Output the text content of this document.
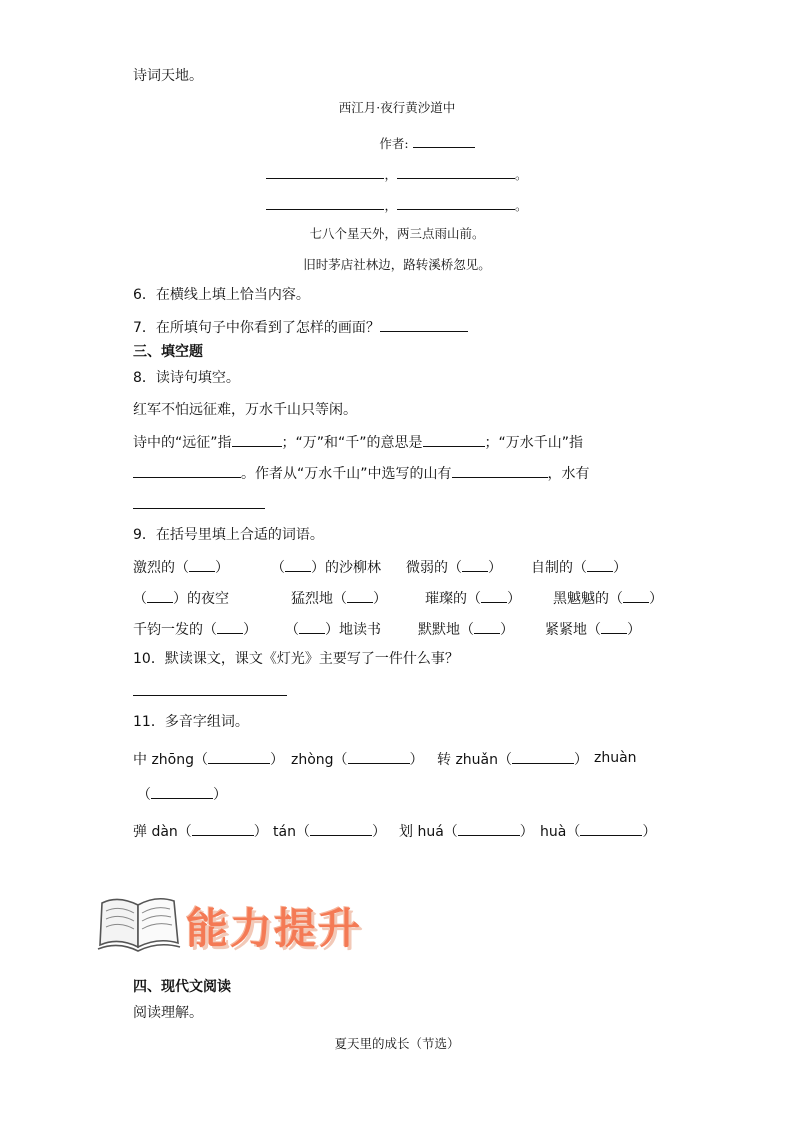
诗词天地。
西江月·夜行黄沙道中
作者:
，	。
，	。
七八个星天外，两三点雨山前。
旧时茅店社林边，路转溪桥忽见。
6．在横线上填上恰当内容。
7．在所填句子中你看到了怎样的画面？
三、填空题
8．读诗句填空。
红军不怕远征难，万水千山只等闲。
诗中的“远征”指	；“万”和“千”的意思是	；“万水千山”指
。作者从“万水千山”中选写的山有	，水有
9．在括号里填上合适的词语。
激烈的（ ）	（ ）的沙柳林 微弱的（ ） 自制的（ ）
（ ）的夜空	猛烈地（ ）	璀璨的（ ） 黑魆魆的（ ）
千钧一发的（ ） （ ）地读书	默默地（ ） 紧紧地（ ）
10．默读课文，课文《灯光》主要写了一件什么事？
11．多音字组词。
中 zhōng（	） zhòng（	） 转 zhuǎn（	） zhuàn
（	）
弹 dàn（	） tán（	） 划 huá（	） huà（	）
能力提升
四、现代文阅读
阅读理解。
夏天里的成长（节选）
